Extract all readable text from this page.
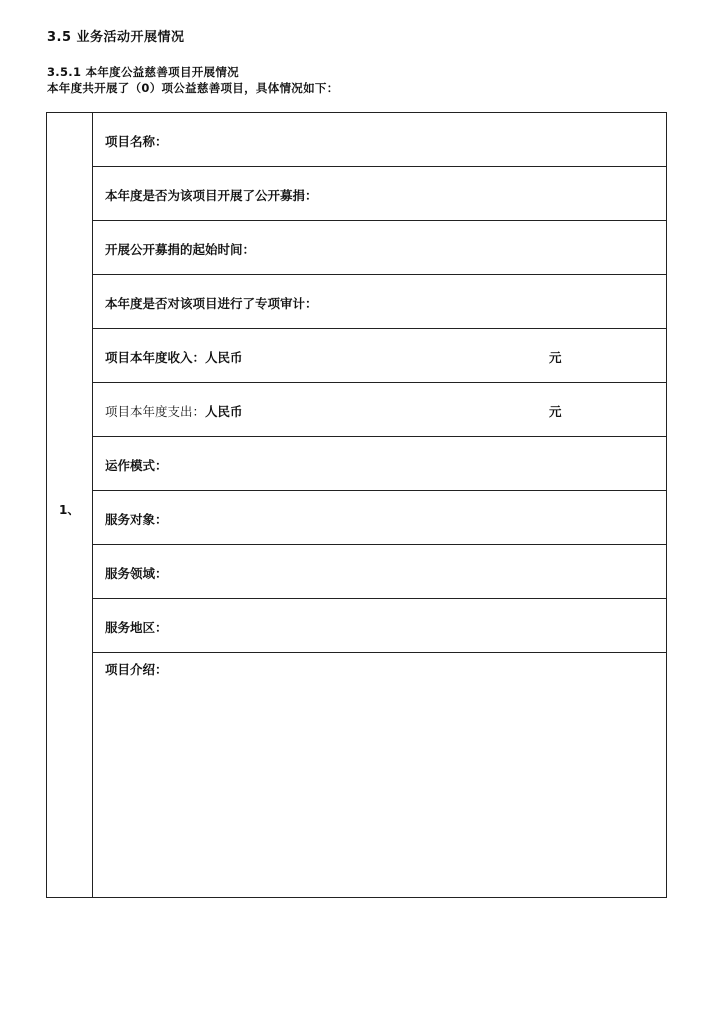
3.5 业务活动开展情况
3.5.1 本年度公益慈善项目开展情况
本年度共开展了（0）项公益慈善项目，具体情况如下：
1、
项目名称：
本年度是否为该项目开展了公开募捐：
开展公开募捐的起始时间：
本年度是否对该项目进行了专项审计：
项目本年度收入：人民币	元
项目本年度支出：人民币	元
运作模式：
服务对象：
服务领域：
服务地区：
项目介绍：
